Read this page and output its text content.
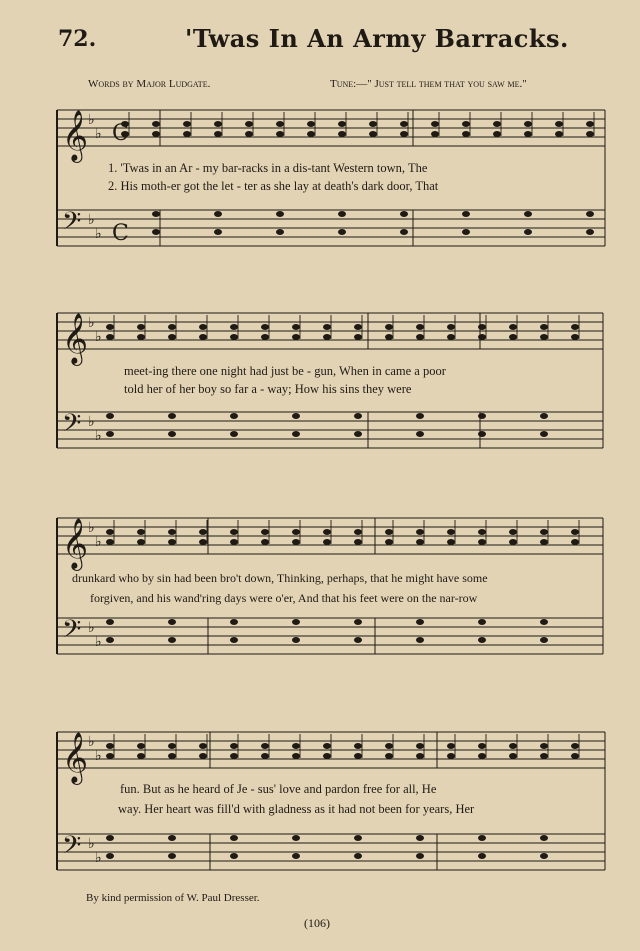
72.	'Twas In An Army Barracks.
Words by Major Ludgate.	Tune:—" Just tell them that you saw me."
𝄞 ♭
♭
𝄢 ♭
♭
𝄞 ♭
♭
𝄢 ♭
♭
𝄞 ♭
♭
𝄢 ♭
♭
𝄞 ♭
♭
𝄢 ♭
♭
C
C
1. 'Twas in an Ar - my bar-racks in a dis-tant Western town, The
2. His moth-er got the let - ter as she lay at death's dark door, That
meet-ing there one night had just be - gun, When in came a poor
told her of her boy so far a - way; How his sins they were
drunkard who by sin had been bro't down, Thinking, perhaps, that he might have some
forgiven, and his wand'ring days were o'er, And that his feet were on the nar-row
fun. But as he heard of Je - sus' love and pardon free for all, He
way. Her heart was fill'd with gladness as it had not been for years, Her
By kind permission of W. Paul Dresser.
(106)
